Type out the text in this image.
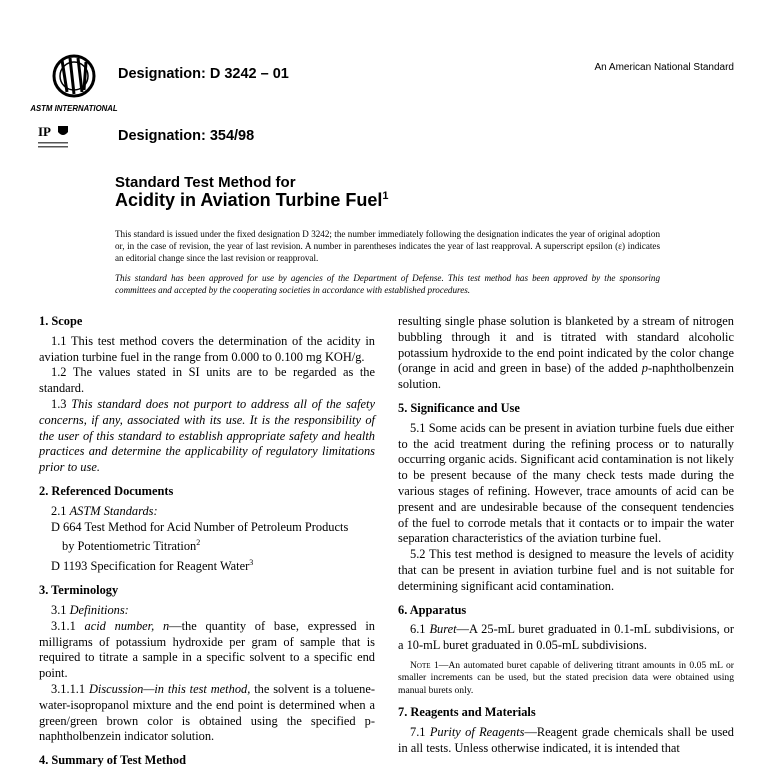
ASTM INTERNATIONAL
IP
Designation: D 3242 – 01
Designation: 354/98
An American National Standard
Standard Test Method for
Acidity in Aviation Turbine Fuel$^1$
This standard is issued under the fixed designation D 3242; the number immediately following the designation indicates the year of original adoption or, in the case of revision, the year of last revision. A number in parentheses indicates the year of last reapproval. A superscript epsilon (ε) indicates an editorial change since the last revision or reapproval.
This standard has been approved for use by agencies of the Department of Defense. This test method has been approved by the sponsoring committees and accepted by the cooperating societies in accordance with established procedures.

1. Scope

1.1 This test method covers the determination of the acidity in aviation turbine fuel in the range from 0.000 to 0.100 mg KOH/g.

1.2 The values stated in SI units are to be regarded as the standard.

1.3 This standard does not purport to address all of the safety concerns, if any, associated with its use. It is the responsibility of the user of this standard to establish appropriate safety and health practices and determine the applicability of regulatory limitations prior to use.

2. Referenced Documents

2.1 ASTM Standards:

D 664 Test Method for Acid Number of Petroleum Products

by Potentiometric Titration$^2$

D 1193 Specification for Reagent Water$^3$

3. Terminology

3.1 Definitions:

3.1.1 acid number, n—the quantity of base, expressed in milligrams of potassium hydroxide per gram of sample that is required to titrate a sample in a specific solvent to a specific end point.

3.1.1.1 Discussion—in this test method, the solvent is a toluene-water-isopropanol mixture and the end point is determined when a green/green brown color is obtained using the specified p-naphtholbenzein indicator solution.

4. Summary of Test Method

resulting single phase solution is blanketed by a stream of nitrogen bubbling through it and is titrated with standard alcoholic potassium hydroxide to the end point indicated by the color change (orange in acid and green in base) of the added p-naphtholbenzein solution.

5. Significance and Use

5.1 Some acids can be present in aviation turbine fuels due either to the acid treatment during the refining process or to naturally occurring organic acids. Significant acid contamination is not likely to be present because of the many check tests made during the various stages of refining. However, trace amounts of acid can be present and are undesirable because of the consequent tendencies of the fuel to corrode metals that it contacts or to impair the water separation characteristics of the aviation turbine fuel.

5.2 This test method is designed to measure the levels of acidity that can be present in aviation turbine fuel and is not suitable for determining significant acid contamination.

6. Apparatus

6.1 Buret—A 25-mL buret graduated in 0.1-mL subdivisions, or a 10-mL buret graduated in 0.05-mL subdivisions.

Note 1—An automated buret capable of delivering titrant amounts in 0.05 mL or smaller increments can be used, but the stated precision data were obtained using manual burets only.

7. Reagents and Materials

7.1 Purity of Reagents—Reagent grade chemicals shall be used in all tests. Unless otherwise indicated, it is intended that
